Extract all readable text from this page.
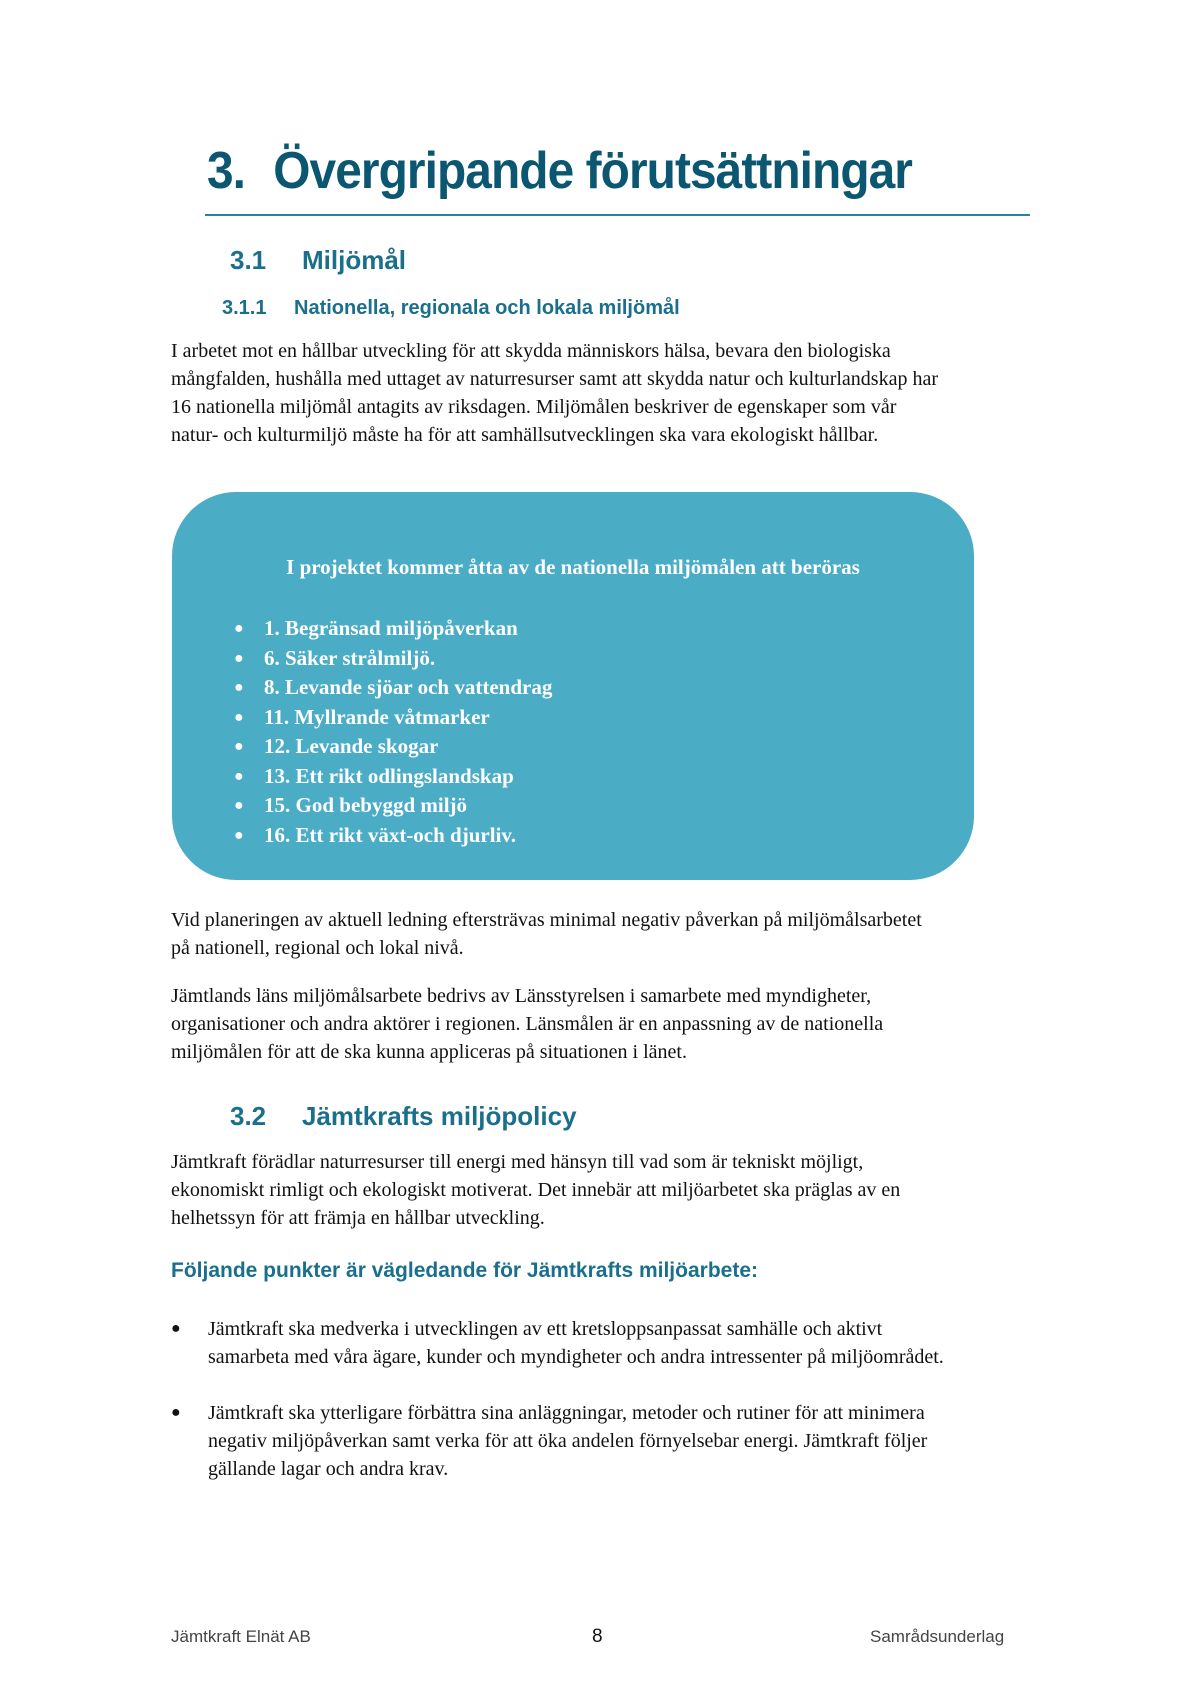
3. Övergripande förutsättningar
3.1 Miljömål
3.1.1 Nationella, regionala och lokala miljömål

I arbetet mot en hållbar utveckling för att skydda människors hälsa, bevara den biologiska
mångfalden, hushålla med uttaget av naturresurser samt att skydda natur och kulturlandskap har
16 nationella miljömål antagits av riksdagen. Miljömålen beskriver de egenskaper som vår
natur- och kulturmiljö måste ha för att samhällsutvecklingen ska vara ekologiskt hållbar.

I projektet kommer åtta av de nationella miljömålen att beröras

● 1. Begränsad miljöpåverkan
● 6. Säker strålmiljö.
● 8. Levande sjöar och vattendrag
● 11. Myllrande våtmarker
● 12. Levande skogar
● 13. Ett rikt odlingslandskap
● 15. God bebyggd miljö
● 16. Ett rikt växt-och djurliv.

Vid planeringen av aktuell ledning eftersträvas minimal negativ påverkan på miljömålsarbetet
på nationell, regional och lokal nivå.

Jämtlands läns miljömålsarbete bedrivs av Länsstyrelsen i samarbete med myndigheter,
organisationer och andra aktörer i regionen. Länsmålen är en anpassning av de nationella
miljömålen för att de ska kunna appliceras på situationen i länet.

3.2 Jämtkrafts miljöpolicy

Jämtkraft förädlar naturresurser till energi med hänsyn till vad som är tekniskt möjligt,
ekonomiskt rimligt och ekologiskt motiverat. Det innebär att miljöarbetet ska präglas av en
helhetssyn för att främja en hållbar utveckling.

Följande punkter är vägledande för Jämtkrafts miljöarbete:

● Jämtkraft ska medverka i utvecklingen av ett kretsloppsanpassat samhälle och aktivt
samarbeta med våra ägare, kunder och myndigheter och andra intressenter på miljöområdet.
● Jämtkraft ska ytterligare förbättra sina anläggningar, metoder och rutiner för att minimera
negativ miljöpåverkan samt verka för att öka andelen förnyelsebar energi. Jämtkraft följer
gällande lagar och andra krav.
Jämtkraft Elnät AB	8	Samrådsunderlag
